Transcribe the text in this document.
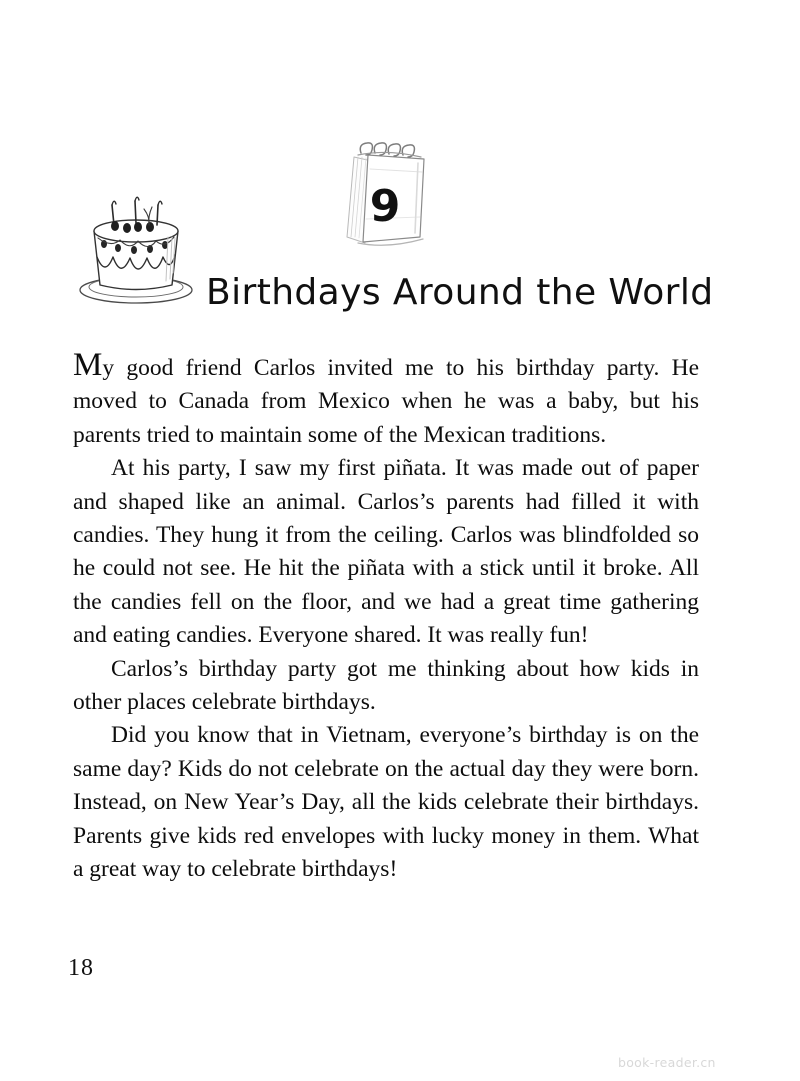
9
Birthdays Around the World

My good friend Carlos invited me to his birthday party. He moved to Canada from Mexico when he was a baby, but his parents tried to maintain some of the Mexican traditions.

At his party, I saw my first piñata. It was made out of paper and shaped like an animal. Carlos’s parents had filled it with candies. They hung it from the ceiling. Carlos was blindfolded so he could not see. He hit the piñata with a stick until it broke. All the candies fell on the floor, and we had a great time gathering and eating candies. Everyone shared. It was really fun!

Carlos’s birthday party got me thinking about how kids in other places celebrate birthdays.

Did you know that in Vietnam, everyone’s birthday is on the same day? Kids do not celebrate on the actual day they were born. Instead, on New Year’s Day, all the kids celebrate their birthdays. Parents give kids red envelopes with lucky money in them. What a great way to celebrate birthdays!

18
book-reader.cn
